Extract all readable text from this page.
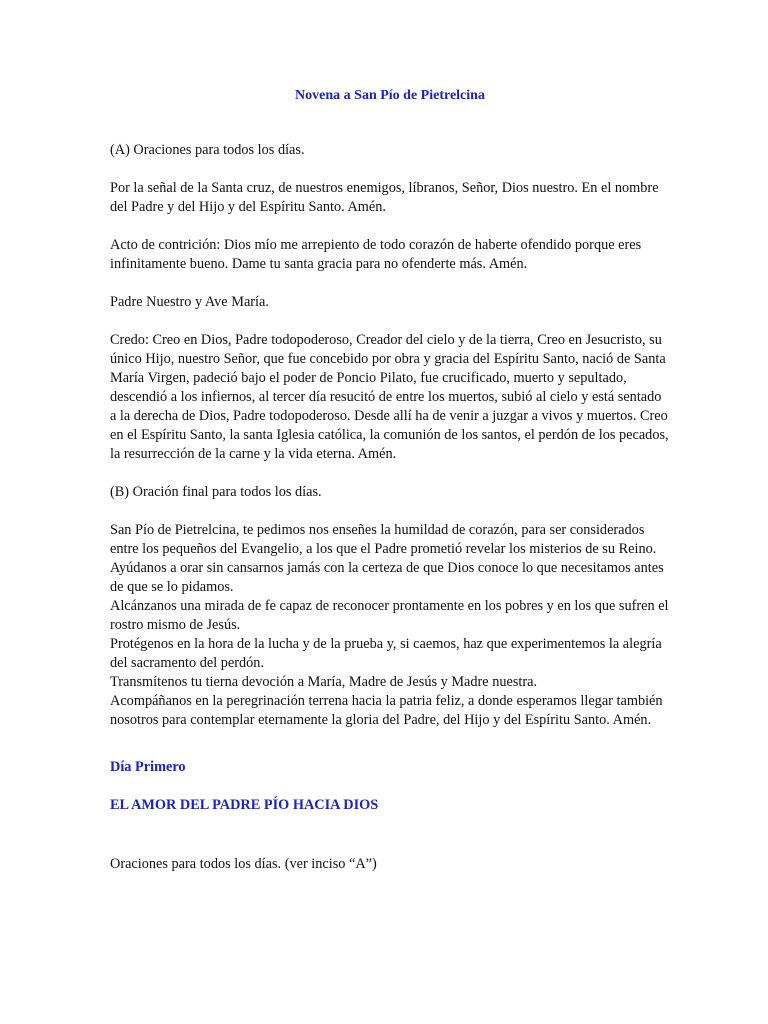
Novena a San Pío de Pietrelcina

(A) Oraciones para todos los días.

Por la señal de la Santa cruz, de nuestros enemigos, líbranos, Señor, Dios nuestro. En el nombre del Padre y del Hijo y del Espíritu Santo. Amén.

Acto de contrición: Dios mío me arrepiento de todo corazón de haberte ofendido porque eres infinitamente bueno. Dame tu santa gracia para no ofenderte más. Amén.

Padre Nuestro y Ave María.

Credo: Creo en Dios, Padre todopoderoso, Creador del cielo y de la tierra, Creo en Jesucristo, su único Hijo, nuestro Señor, que fue concebido por obra y gracia del Espíritu Santo, nació de Santa María Virgen, padeció bajo el poder de Poncio Pilato, fue crucificado, muerto y sepultado, descendió a los infiernos, al tercer día resucitó de entre los muertos, subió al cielo y está sentado a la derecha de Dios, Padre todopoderoso. Desde allí ha de venir a juzgar a vivos y muertos. Creo en el Espíritu Santo, la santa Iglesia católica, la comunión de los santos, el perdón de los pecados, la resurrección de la carne y la vida eterna. Amén.

(B) Oración final para todos los días.

San Pío de Pietrelcina, te pedimos nos enseñes la humildad de corazón, para ser considerados entre los pequeños del Evangelio, a los que el Padre prometió revelar los misterios de su Reino.

Ayúdanos a orar sin cansarnos jamás con la certeza de que Dios conoce lo que necesitamos antes de que se lo pidamos.

Alcánzanos una mirada de fe capaz de reconocer prontamente en los pobres y en los que sufren el rostro mismo de Jesús.

Protégenos en la hora de la lucha y de la prueba y, si caemos, haz que experimentemos la alegría del sacramento del perdón.

Transmítenos tu tierna devoción a María, Madre de Jesús y Madre nuestra.

Acompáñanos en la peregrinación terrena hacia la patria feliz, a donde esperamos llegar también nosotros para contemplar eternamente la gloria del Padre, del Hijo y del Espíritu Santo. Amén.

Día Primero
EL AMOR DEL PADRE PÍO HACIA DIOS

Oraciones para todos los días. (ver inciso “A”)
